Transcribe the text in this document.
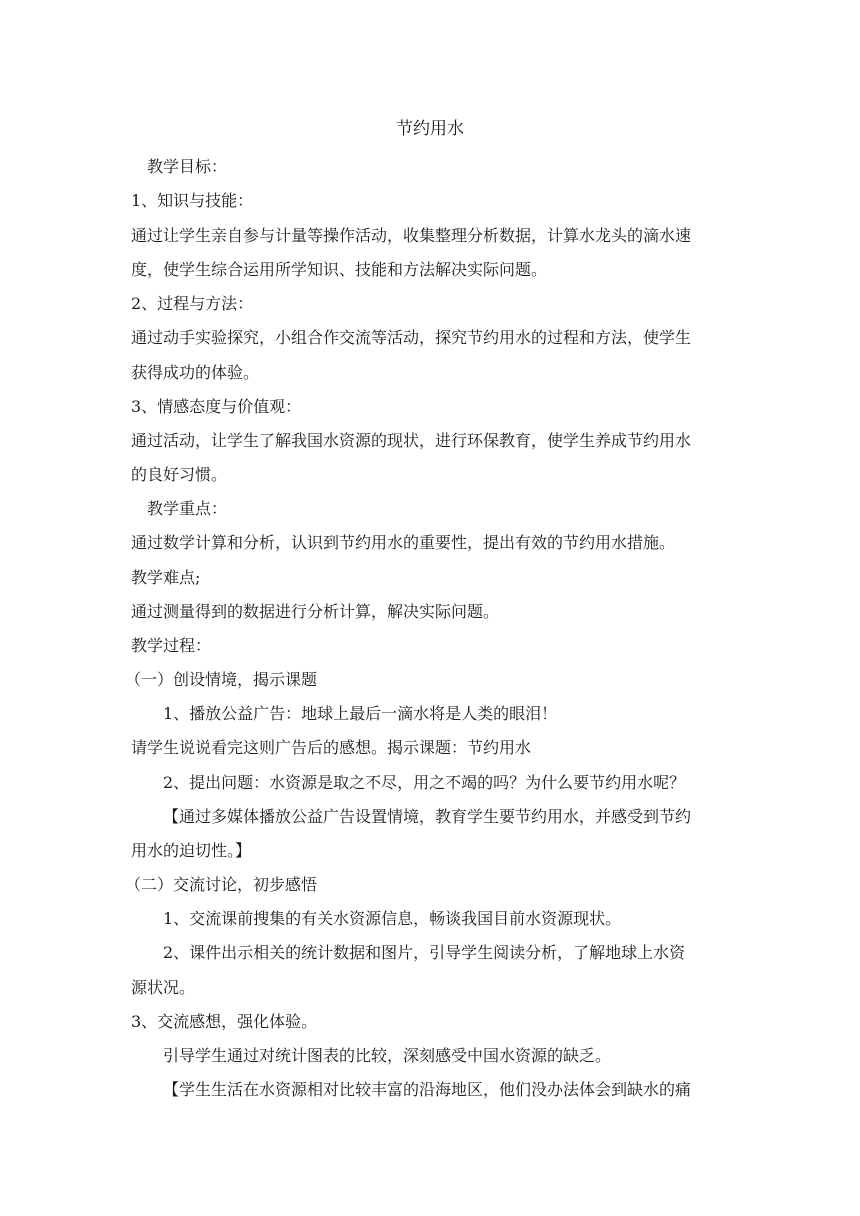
节约用水
教学目标：
1、知识与技能：
通过让学生亲自参与计量等操作活动，收集整理分析数据，计算水龙头的滴水速
度，使学生综合运用所学知识、技能和方法解决实际问题。
2、过程与方法：
通过动手实验探究，小组合作交流等活动，探究节约用水的过程和方法，使学生
获得成功的体验。
3、情感态度与价值观：
通过活动，让学生了解我国水资源的现状，进行环保教育，使学生养成节约用水
的良好习惯。
教学重点：
通过数学计算和分析，认识到节约用水的重要性，提出有效的节约用水措施。
教学难点;
通过测量得到的数据进行分析计算，解决实际问题。
教学过程：
（一）创设情境，揭示课题
1、播放公益广告：地球上最后一滴水将是人类的眼泪！
请学生说说看完这则广告后的感想。揭示课题：节约用水
2、提出问题：水资源是取之不尽，用之不竭的吗？为什么要节约用水呢？
【通过多媒体播放公益广告设置情境，教育学生要节约用水，并感受到节约
用水的迫切性。】
（二）交流讨论，初步感悟
1、交流课前搜集的有关水资源信息，畅谈我国目前水资源现状。
2、课件出示相关的统计数据和图片，引导学生阅读分析，了解地球上水资
源状况。
3、交流感想，强化体验。
引导学生通过对统计图表的比较，深刻感受中国水资源的缺乏。
【学生生活在水资源相对比较丰富的沿海地区，他们没办法体会到缺水的痛
